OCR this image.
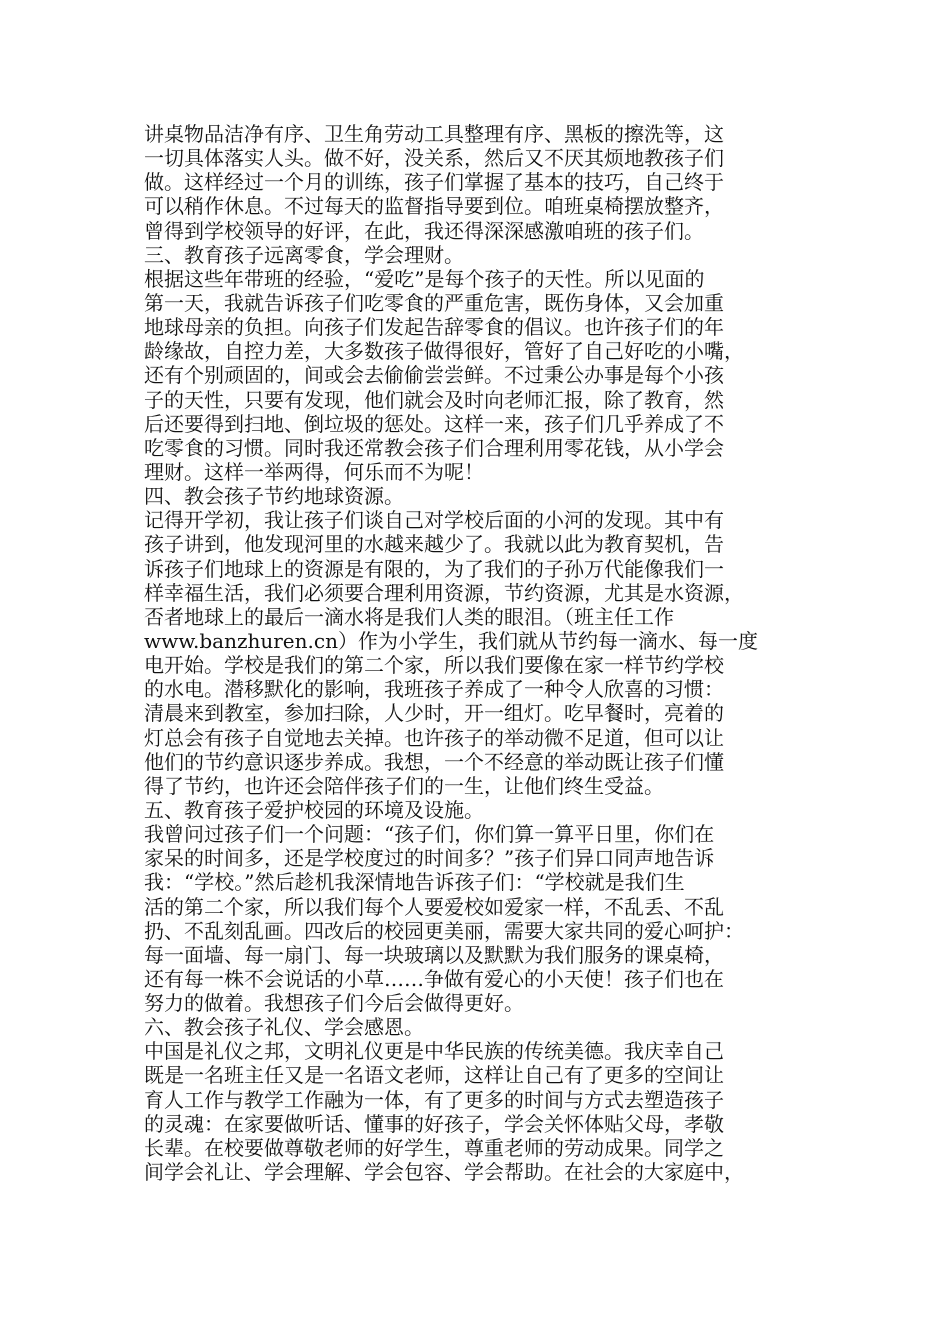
讲桌物品洁净有序、卫生角劳动工具整理有序、黑板的擦洗等，这
一切具体落实人头。做不好，没关系，然后又不厌其烦地教孩子们
做。这样经过一个月的训练，孩子们掌握了基本的技巧，自己终于
可以稍作休息。不过每天的监督指导要到位。咱班桌椅摆放整齐，
曾得到学校领导的好评，在此，我还得深深感激咱班的孩子们。
三、教育孩子远离零食，学会理财。
根据这些年带班的经验，“爱吃”是每个孩子的天性。所以见面的
第一天，我就告诉孩子们吃零食的严重危害，既伤身体，又会加重
地球母亲的负担。向孩子们发起告辞零食的倡议。也许孩子们的年
龄缘故，自控力差，大多数孩子做得很好，管好了自己好吃的小嘴，
还有个别顽固的，间或会去偷偷尝尝鲜。不过秉公办事是每个小孩
子的天性，只要有发现，他们就会及时向老师汇报，除了教育，然
后还要得到扫地、倒垃圾的惩处。这样一来，孩子们几乎养成了不
吃零食的习惯。同时我还常教会孩子们合理利用零花钱，从小学会
理财。这样一举两得，何乐而不为呢！
四、教会孩子节约地球资源。
记得开学初，我让孩子们谈自己对学校后面的小河的发现。其中有
孩子讲到，他发现河里的水越来越少了。我就以此为教育契机，告
诉孩子们地球上的资源是有限的，为了我们的子孙万代能像我们一
样幸福生活，我们必须要合理利用资源，节约资源，尤其是水资源，
否者地球上的最后一滴水将是我们人类的眼泪。（班主任工作
www.banzhuren.cn）作为小学生，我们就从节约每一滴水、每一度
电开始。学校是我们的第二个家，所以我们要像在家一样节约学校
的水电。潜移默化的影响，我班孩子养成了一种令人欣喜的习惯：
清晨来到教室，参加扫除，人少时，开一组灯。吃早餐时，亮着的
灯总会有孩子自觉地去关掉。也许孩子的举动微不足道，但可以让
他们的节约意识逐步养成。我想，一个不经意的举动既让孩子们懂
得了节约，也许还会陪伴孩子们的一生，让他们终生受益。
五、教育孩子爱护校园的环境及设施。
我曾问过孩子们一个问题：“孩子们，你们算一算平日里，你们在
家呆的时间多，还是学校度过的时间多？”孩子们异口同声地告诉
我：“学校。”然后趁机我深情地告诉孩子们：“学校就是我们生
活的第二个家，所以我们每个人要爱校如爱家一样，不乱丢、不乱
扔、不乱刻乱画。四改后的校园更美丽，需要大家共同的爱心呵护：
每一面墙、每一扇门、每一块玻璃以及默默为我们服务的课桌椅，
还有每一株不会说话的小草……争做有爱心的小天使！孩子们也在
努力的做着。我想孩子们今后会做得更好。
六、教会孩子礼仪、学会感恩。
中国是礼仪之邦，文明礼仪更是中华民族的传统美德。我庆幸自己
既是一名班主任又是一名语文老师，这样让自己有了更多的空间让
育人工作与教学工作融为一体，有了更多的时间与方式去塑造孩子
的灵魂：在家要做听话、懂事的好孩子，学会关怀体贴父母，孝敬
长辈。在校要做尊敬老师的好学生，尊重老师的劳动成果。同学之
间学会礼让、学会理解、学会包容、学会帮助。在社会的大家庭中，
